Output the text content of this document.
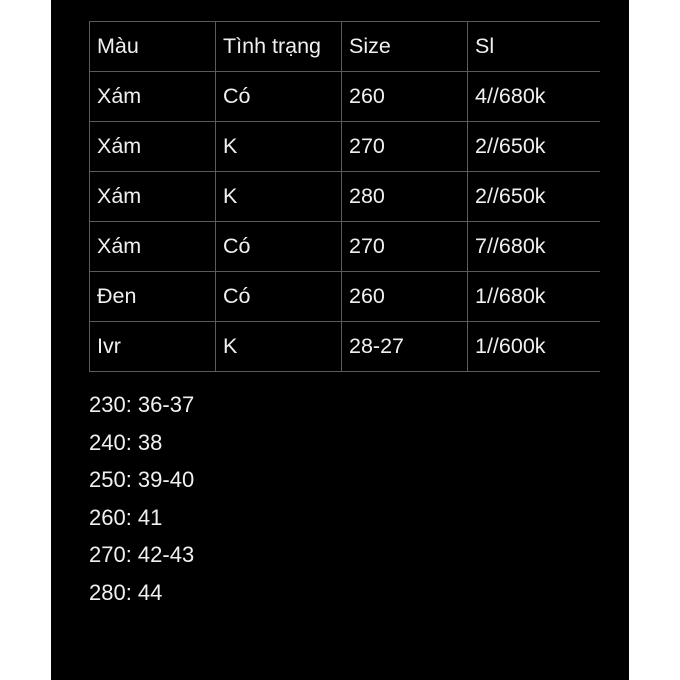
Màu	Tình trạng	Size	Sl
Xám	Có	260	4//680k
Xám	K	270	2//650k
Xám	K	280	2//650k
Xám	Có	270	7//680k
Đen	Có	260	1//680k
Ivr	K	28-27	1//600k
230: 36-37
240: 38
250: 39-40
260: 41
270: 42-43
280: 44
